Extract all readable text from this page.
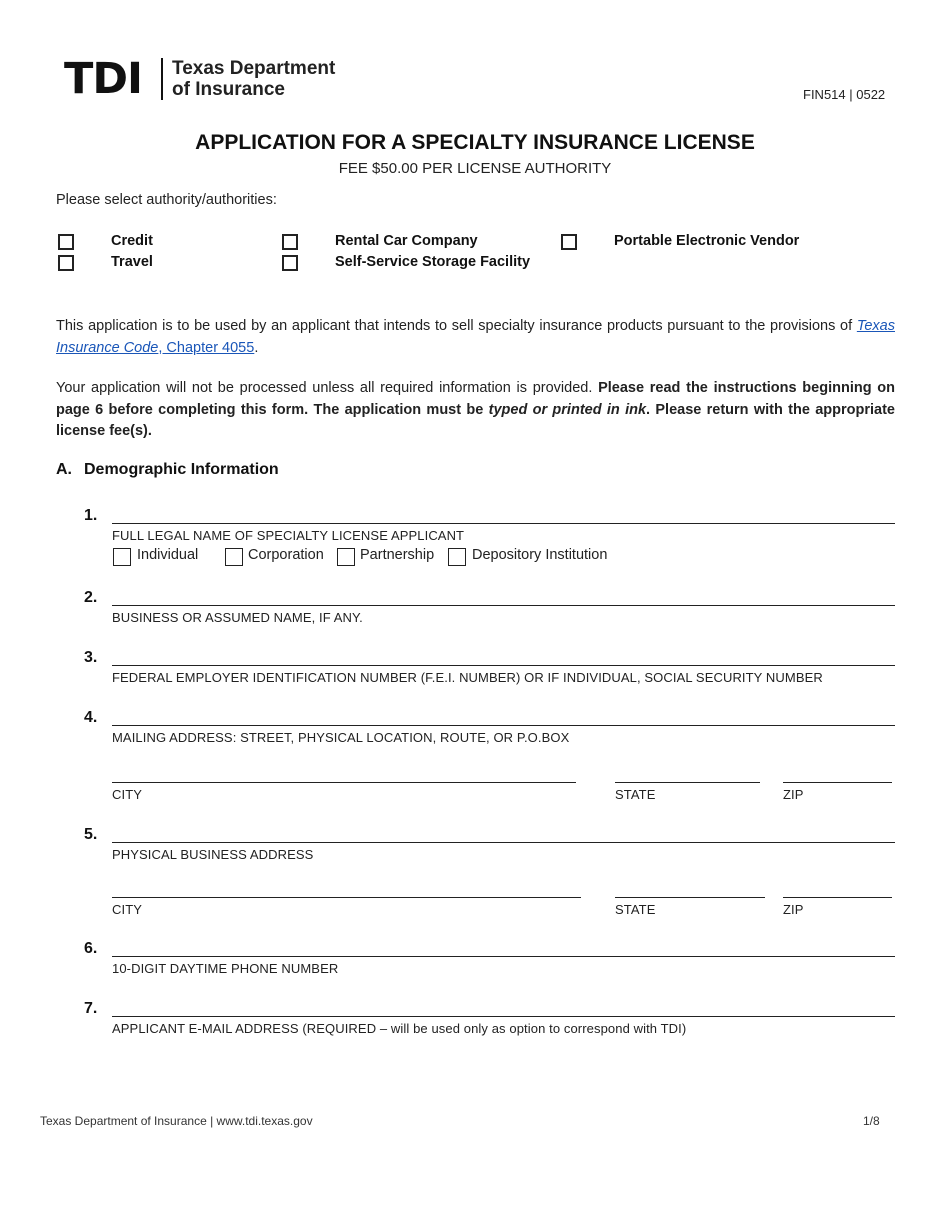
TDI Texas Department
of Insurance	FIN514 | 0522
APPLICATION FOR A SPECIALTY INSURANCE LICENSE
FEE $50.00 PER LICENSE AUTHORITY
Please select authority/authorities:
Credit
Travel
Rental Car Company
Self-Service Storage Facility
Portable Electronic Vendor
This application is to be used by an applicant that intends to sell specialty insurance products pursuant to the provisions of Texas Insurance Code, Chapter 4055.
Your application will not be processed unless all required information is provided. Please read the instructions beginning on page 6 before completing this form. The application must be typed or printed in ink. Please return with the appropriate license fee(s).
A. Demographic Information
1.
FULL LEGAL NAME OF SPECIALTY LICENSE APPLICANT
Individual	Corporation Partnership	Depository Institution
2.
BUSINESS OR ASSUMED NAME, IF ANY.
3.
FEDERAL EMPLOYER IDENTIFICATION NUMBER (F.E.I. NUMBER) OR IF INDIVIDUAL, SOCIAL SECURITY NUMBER
4.
MAILING ADDRESS: STREET, PHYSICAL LOCATION, ROUTE, OR P.O.BOX
CITY	STATE	ZIP
5.
PHYSICAL BUSINESS ADDRESS
CITY	STATE	ZIP
6.
10-DIGIT DAYTIME PHONE NUMBER
7.
APPLICANT E-MAIL ADDRESS (REQUIRED – will be used only as option to correspond with TDI)
Texas Department of Insurance | www.tdi.texas.gov	1/8
